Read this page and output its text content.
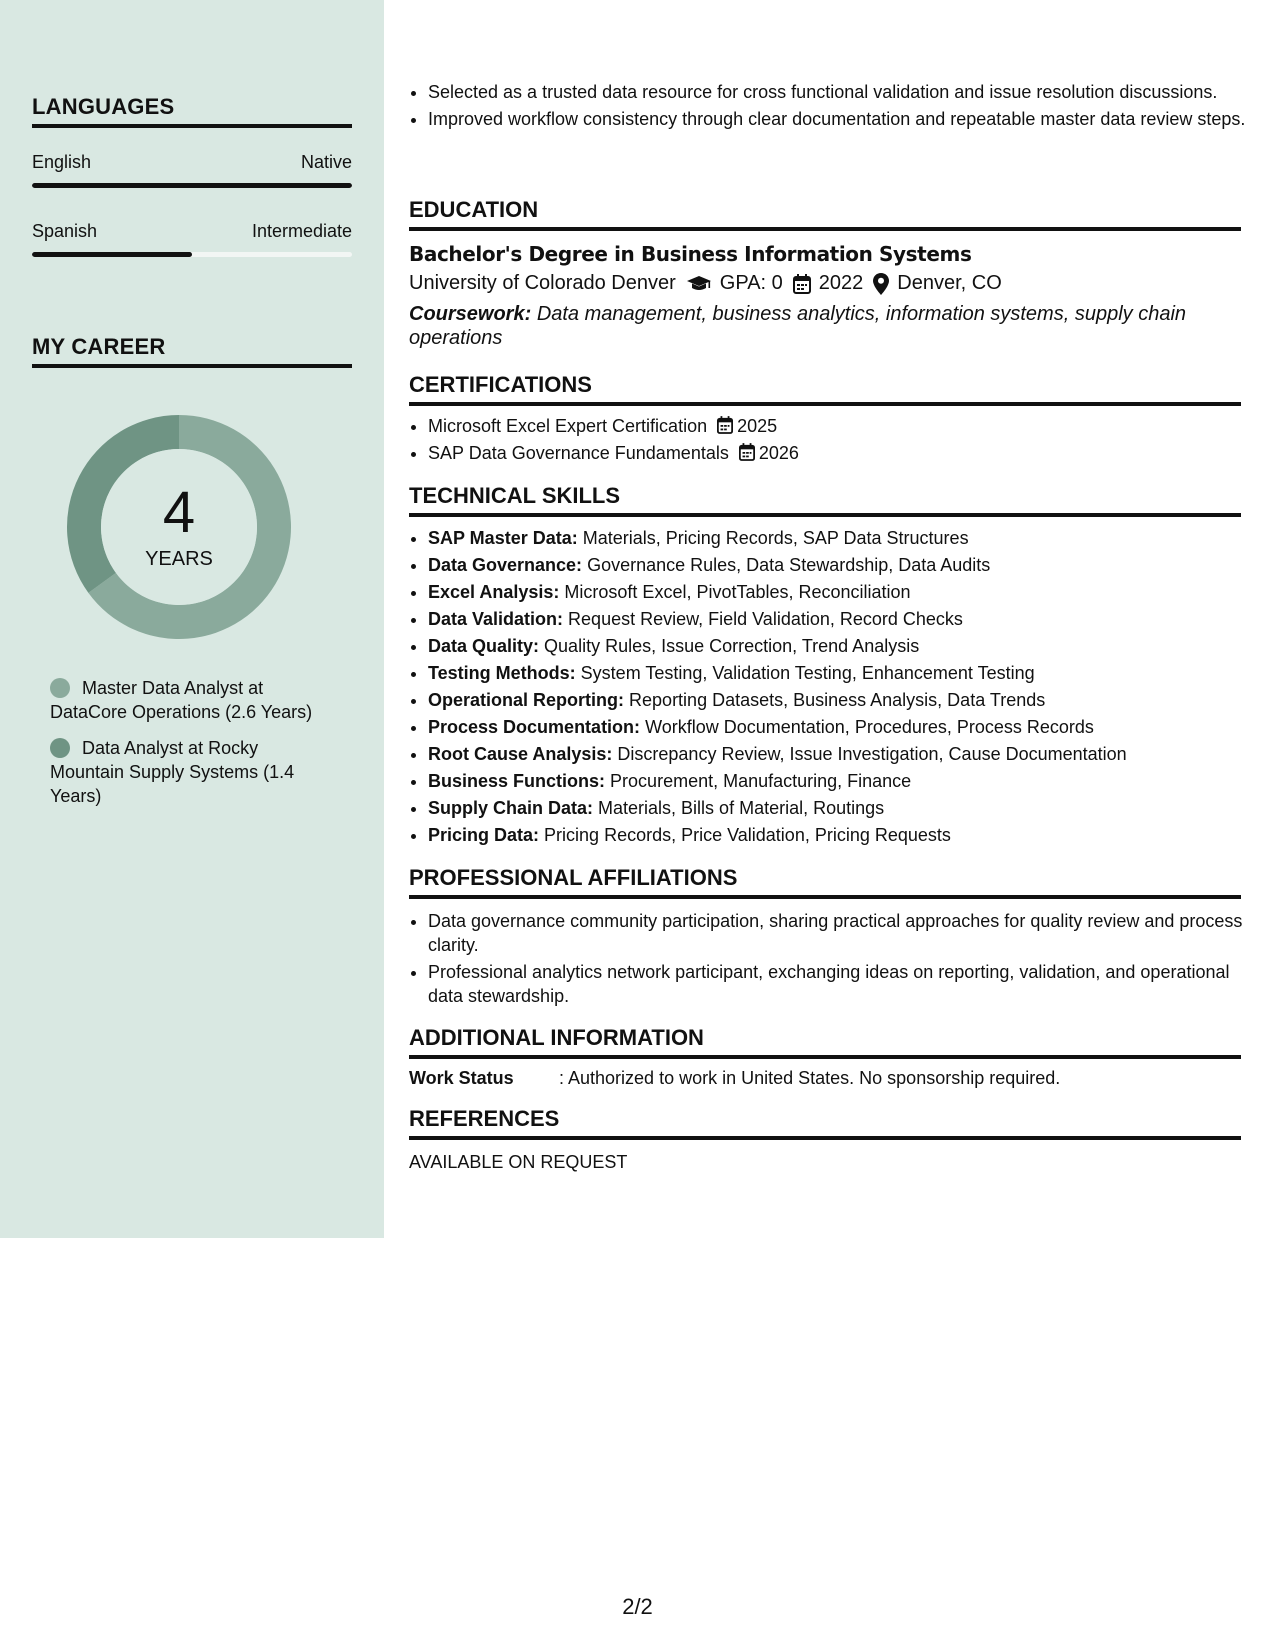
LANGUAGES
English	Native
Spanish	Intermediate
MY CAREER
4
YEARS
Master Data Analyst at DataCore Operations (2.6 Years)
Data Analyst at Rocky Mountain Supply Systems (1.4 Years)
• Selected as a trusted data resource for cross functional validation and issue resolution discussions.
• Improved workflow consistency through clear documentation and repeatable master data review steps.
EDUCATION
Bachelor's Degree in Business Information Systems
University of Colorado Denver GPA: 0 2022 Denver, CO
Coursework: Data management, business analytics, information systems, supply chain operations
CERTIFICATIONS
• Microsoft Excel Expert Certification 2025
• SAP Data Governance Fundamentals 2026
TECHNICAL SKILLS
• SAP Master Data: Materials, Pricing Records, SAP Data Structures
• Data Governance: Governance Rules, Data Stewardship, Data Audits
• Excel Analysis: Microsoft Excel, PivotTables, Reconciliation
• Data Validation: Request Review, Field Validation, Record Checks
• Data Quality: Quality Rules, Issue Correction, Trend Analysis
• Testing Methods: System Testing, Validation Testing, Enhancement Testing
• Operational Reporting: Reporting Datasets, Business Analysis, Data Trends
• Process Documentation: Workflow Documentation, Procedures, Process Records
• Root Cause Analysis: Discrepancy Review, Issue Investigation, Cause Documentation
• Business Functions: Procurement, Manufacturing, Finance
• Supply Chain Data: Materials, Bills of Material, Routings
• Pricing Data: Pricing Records, Price Validation, Pricing Requests
PROFESSIONAL AFFILIATIONS
• Data governance community participation, sharing practical approaches for quality review and process clarity.
• Professional analytics network participant, exchanging ideas on reporting, validation, and operational data stewardship.
ADDITIONAL INFORMATION
Work Status	: Authorized to work in United States. No sponsorship required.
REFERENCES
AVAILABLE ON REQUEST
2/2
